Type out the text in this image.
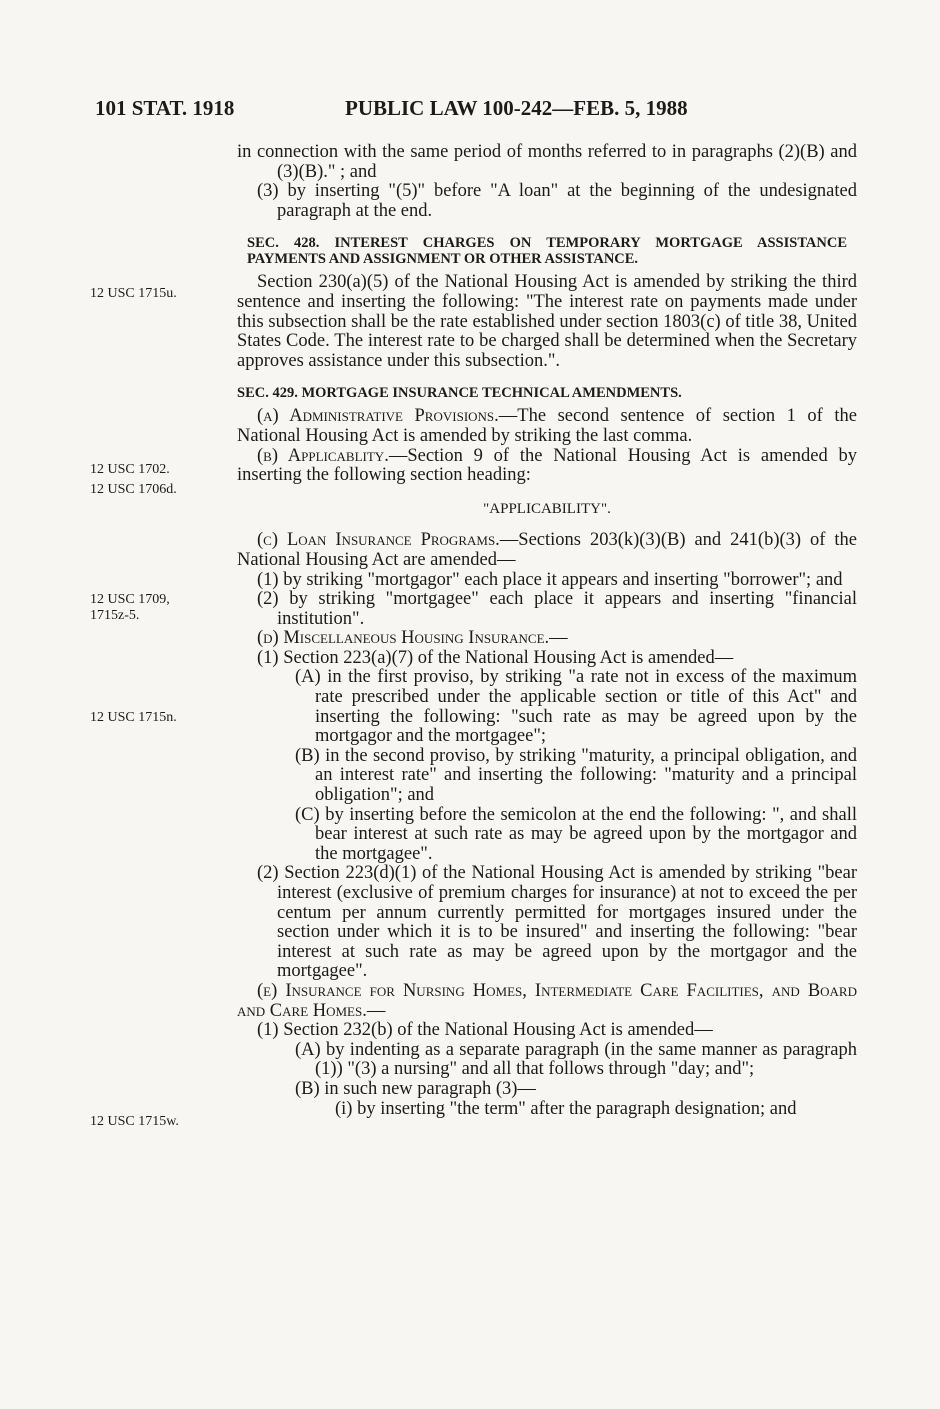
101 STAT. 1918	PUBLIC LAW 100-242—FEB. 5, 1988
12 USC 1715u.
12 USC 1702.
12 USC 1706d.
12 USC 1709,
1715z-5.
12 USC 1715n.
12 USC 1715w.

in connection with the same period of months referred to in paragraphs (2)(B) and (3)(B)." ; and

(3) by inserting "(5)" before "A loan" at the beginning of the undesignated paragraph at the end.

SEC. 428. INTEREST CHARGES ON TEMPORARY MORTGAGE ASSISTANCE PAYMENTS AND ASSIGNMENT OR OTHER ASSISTANCE.

Section 230(a)(5) of the National Housing Act is amended by striking the third sentence and inserting the following: "The interest rate on payments made under this subsection shall be the rate established under section 1803(c) of title 38, United States Code. The interest rate to be charged shall be determined when the Secretary approves assistance under this subsection.".

SEC. 429. MORTGAGE INSURANCE TECHNICAL AMENDMENTS.

(a) Administrative Provisions.—The second sentence of section 1 of the National Housing Act is amended by striking the last comma.

(b) Applicablity.—Section 9 of the National Housing Act is amended by inserting the following section heading:

"APPLICABILITY".

(c) Loan Insurance Programs.—Sections 203(k)(3)(B) and 241(b)(3) of the National Housing Act are amended—

(1) by striking "mortgagor" each place it appears and inserting "borrower"; and

(2) by striking "mortgagee" each place it appears and inserting "financial institution".

(d) Miscellaneous Housing Insurance.—

(1) Section 223(a)(7) of the National Housing Act is amended—

(A) in the first proviso, by striking "a rate not in excess of the maximum rate prescribed under the applicable section or title of this Act" and inserting the following: "such rate as may be agreed upon by the mortgagor and the mortgagee";

(B) in the second proviso, by striking "maturity, a principal obligation, and an interest rate" and inserting the following: "maturity and a principal obligation"; and

(C) by inserting before the semicolon at the end the following: ", and shall bear interest at such rate as may be agreed upon by the mortgagor and the mortgagee".

(2) Section 223(d)(1) of the National Housing Act is amended by striking "bear interest (exclusive of premium charges for insurance) at not to exceed the per centum per annum currently permitted for mortgages insured under the section under which it is to be insured" and inserting the following: "bear interest at such rate as may be agreed upon by the mortgagor and the mortgagee".

(e) Insurance for Nursing Homes, Intermediate Care Facilities, and Board and Care Homes.—

(1) Section 232(b) of the National Housing Act is amended—

(A) by indenting as a separate paragraph (in the same manner as paragraph (1)) "(3) a nursing" and all that follows through "day; and";

(B) in such new paragraph (3)—

(i) by inserting "the term" after the paragraph designation; and
